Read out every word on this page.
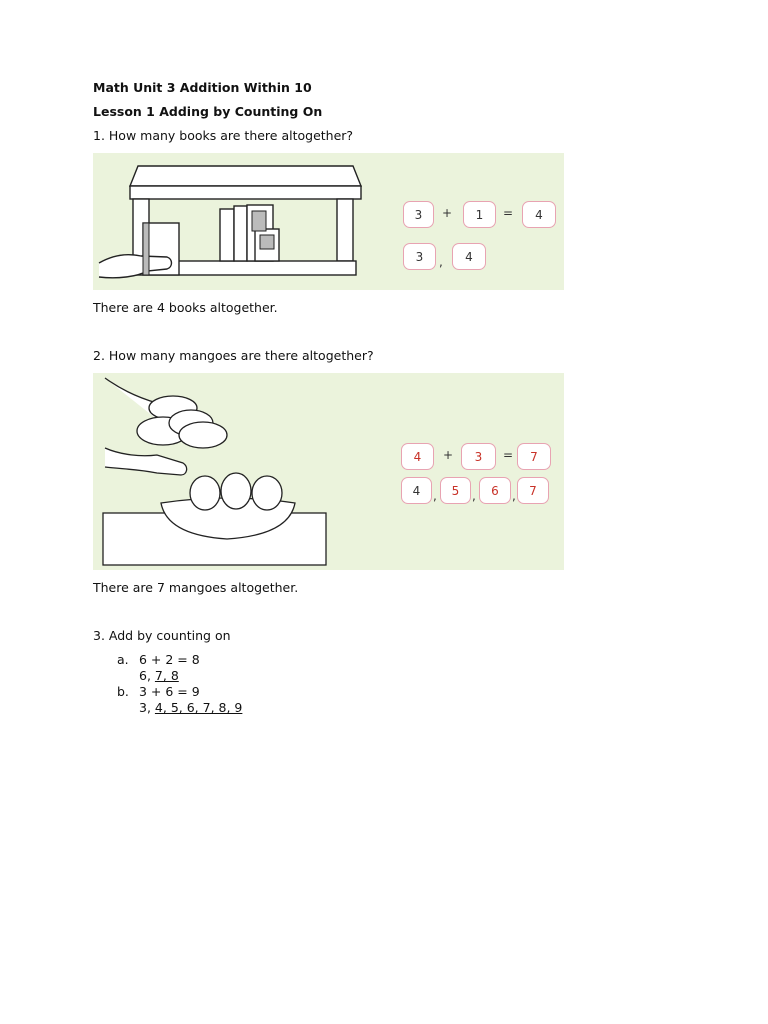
Math Unit 3 Addition Within 10
Lesson 1 Adding by Counting On
1. How many books are there altogether?
3	+	1	=	4
3	,	4
There are 4 books altogether.
2. How many mangoes are there altogether?
4	+	3	=	7
4	,	5	,	6	,	7
There are 7 mangoes altogether.
3. Add by counting on
a. 6 + 2 = 8
6, 7, 8
b. 3 + 6 = 9
3, 4, 5, 6, 7, 8, 9
